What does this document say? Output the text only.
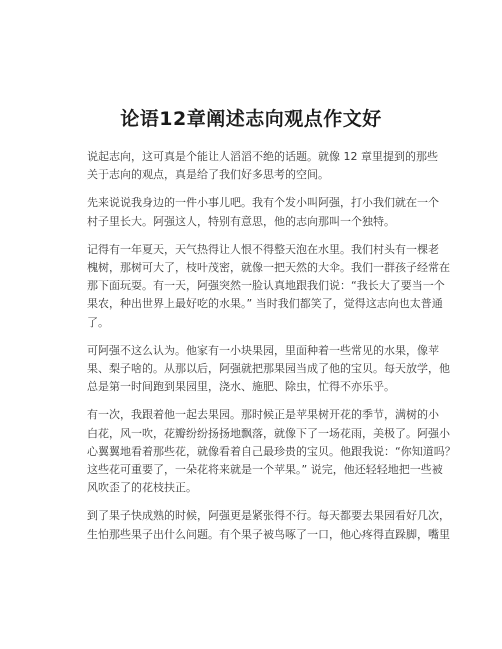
论语12章阐述志向观点作文好

说起志向，这可真是个能让人滔滔不绝的话题。就像 12 章里提到的那些
关于志向的观点，真是给了我们好多思考的空间。

先来说说我身边的一件小事儿吧。我有个发小叫阿强，打小我们就在一个
村子里长大。阿强这人，特别有意思，他的志向那叫一个独特。

记得有一年夏天，天气热得让人恨不得整天泡在水里。我们村头有一棵老
槐树，那树可大了，枝叶茂密，就像一把天然的大伞。我们一群孩子经常在
那下面玩耍。有一天，阿强突然一脸认真地跟我们说：“我长大了要当一个
果农，种出世界上最好吃的水果。” 当时我们都笑了，觉得这志向也太普通
了。

可阿强不这么认为。他家有一小块果园，里面种着一些常见的水果，像苹
果、梨子啥的。从那以后，阿强就把那果园当成了他的宝贝。每天放学，他
总是第一时间跑到果园里，浇水、施肥、除虫，忙得不亦乐乎。

有一次，我跟着他一起去果园。那时候正是苹果树开花的季节，满树的小
白花，风一吹，花瓣纷纷扬扬地飘落，就像下了一场花雨，美极了。阿强小
心翼翼地看着那些花，就像看着自己最珍贵的宝贝。他跟我说：“你知道吗？
这些花可重要了，一朵花将来就是一个苹果。” 说完，他还轻轻地把一些被
风吹歪了的花枝扶正。

到了果子快成熟的时候，阿强更是紧张得不行。每天都要去果园看好几次，
生怕那些果子出什么问题。有个果子被鸟啄了一口，他心疼得直跺脚，嘴里
